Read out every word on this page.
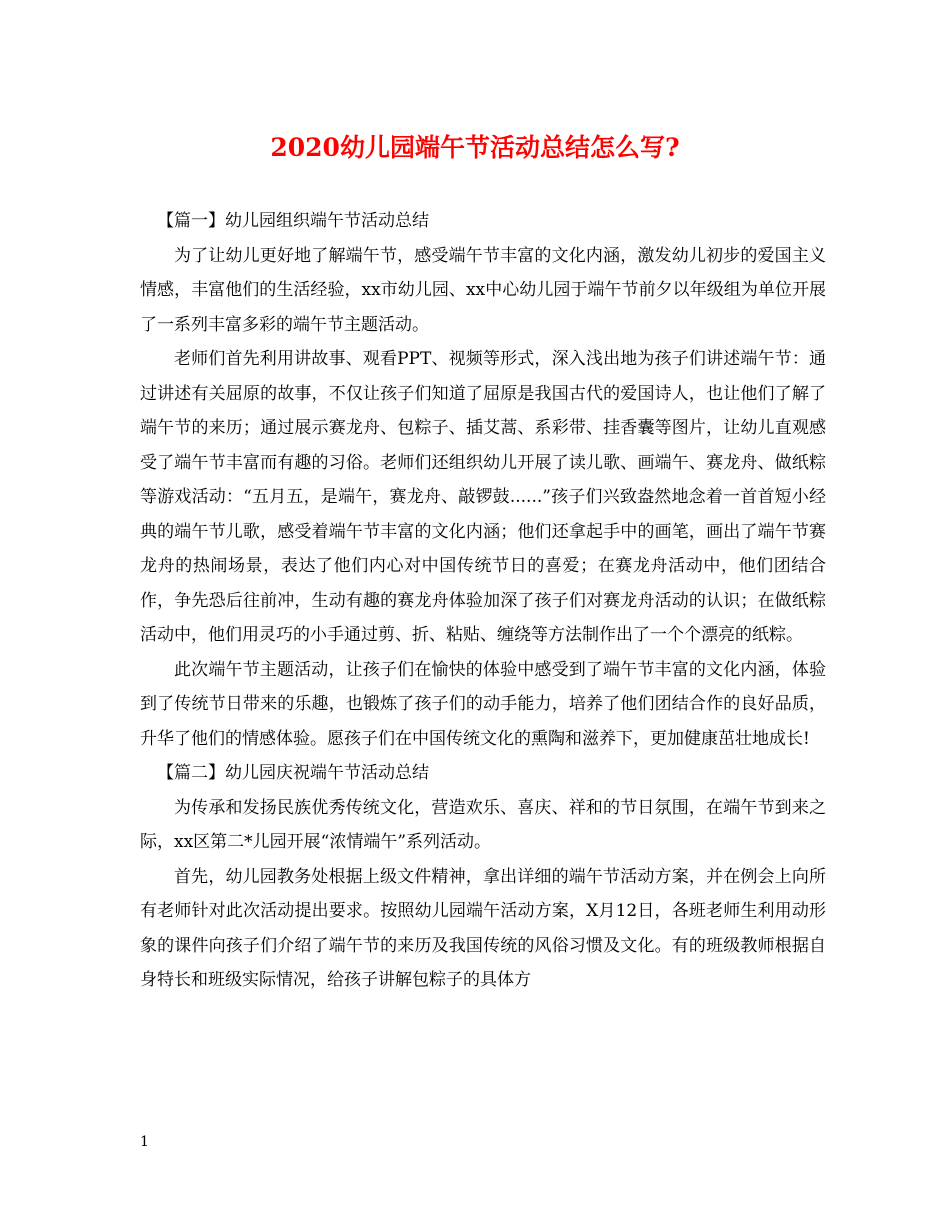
2020幼儿园端午节活动总结怎么写?

【篇一】幼儿园组织端午节活动总结

为了让幼儿更好地了解端午节，感受端午节丰富的文化内涵，激发幼儿初步的爱国主义情感，丰富他们的生活经验，xx市幼儿园、xx中心幼儿园于端午节前夕以年级组为单位开展了一系列丰富多彩的端午节主题活动。

老师们首先利用讲故事、观看PPT、视频等形式，深入浅出地为孩子们讲述端午节：通过讲述有关屈原的故事，不仅让孩子们知道了屈原是我国古代的爱国诗人，也让他们了解了端午节的来历；通过展示赛龙舟、包粽子、插艾蒿、系彩带、挂香囊等图片，让幼儿直观感受了端午节丰富而有趣的习俗。老师们还组织幼儿开展了读儿歌、画端午、赛龙舟、做纸粽等游戏活动：“五月五，是端午，赛龙舟、敲锣鼓......”孩子们兴致盎然地念着一首首短小经典的端午节儿歌，感受着端午节丰富的文化内涵；他们还拿起手中的画笔，画出了端午节赛龙舟的热闹场景，表达了他们内心对中国传统节日的喜爱；在赛龙舟活动中，他们团结合作，争先恐后往前冲，生动有趣的赛龙舟体验加深了孩子们对赛龙舟活动的认识；在做纸粽活动中，他们用灵巧的小手通过剪、折、粘贴、缠绕等方法制作出了一个个漂亮的纸粽。

此次端午节主题活动，让孩子们在愉快的体验中感受到了端午节丰富的文化内涵，体验到了传统节日带来的乐趣，也锻炼了孩子们的动手能力，培养了他们团结合作的良好品质，升华了他们的情感体验。愿孩子们在中国传统文化的熏陶和滋养下，更加健康茁壮地成长!

【篇二】幼儿园庆祝端午节活动总结

为传承和发扬民族优秀传统文化，营造欢乐、喜庆、祥和的节日氛围，在端午节到来之际，xx区第二*儿园开展“浓情端午”系列活动。

首先，幼儿园教务处根据上级文件精神，拿出详细的端午节活动方案，并在例会上向所有老师针对此次活动提出要求。按照幼儿园端午活动方案，X月12日，各班老师生利用动形象的课件向孩子们介绍了端午节的来历及我国传统的风俗习惯及文化。有的班级教师根据自身特长和班级实际情况，给孩子讲解包粽子的具体方

1
